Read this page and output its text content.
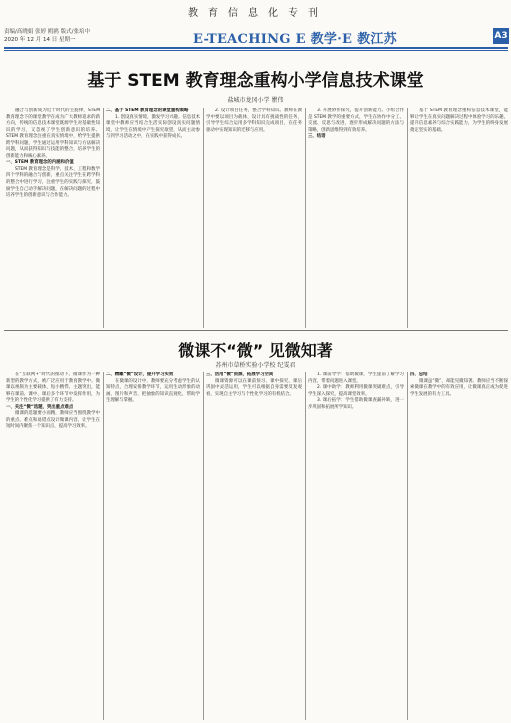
教育信息化专刊
责编/高晓娟 张婷 鸥鸥 版式/张培中
2020 年 12 月 14 日 星期一	E-TEACHING E 教学·E 教江苏	A3
基于 STEM 教育理念重构小学信息技术课堂
盐城市龙冈小学 瞿伟

融合与创新成为近十时代的主旋律，STEM 教育理念下的课堂教学在成为广大教师追求的新方向，传统的信息技术课堂既源学生对基础性知识的学习，又忽视了学生创新意识的培养。STEM 教育理念注重在真实情境中，给学生提供跨学科问题，学生通过运用学科知识与方法解决问题，从而获得知识与技能的整合，培养学生的创新能力和核心素养。

一、STEM 教育理念的内涵和价值

STEM 教育理念是科学、技术、工程和数学四个学科的融合与创新，重点关注学生在跨学科的整合中进行学习，注重学生的实践与探究，鼓励学生自己动手解决问题，在解决问题的过程中培养学生的创新意识与合作能力。

二、基于 STEM 教育理念的课堂重构策略

1. 创设真实情境，激发学习兴趣。信息技术课堂中教师应当结合生活实际创设真实问题情境，让学生在情境中产生探究欲望，从而主动参与到学习活动之中，在实践中获得成长。

2. 设计项目任务，整合学科知识。教师在教学中要以项目为载体，设计具有挑战性的任务，引导学生综合运用多学科知识完成项目，在任务驱动中实现知识的迁移与应用。

3. 开展协作探究，提升创新能力。小组合作是 STEM 教学的重要方式，学生在协作中分工、交流、反思与改进，逐步形成解决问题的方法与策略，创新思维得到有效培养。

三、结语

基于 STEM 教育理念重构信息技术课堂，能够让学生在真实问题解决过程中体验学习的乐趣，提升信息素养与综合实践能力，为学生的终身发展奠定坚实的基础。

微课不“微” 见微知著
苏州市草桥实验小学校 纪雯君

在“互联网+”时代的推动下，微课作为一种新型的教学方式，被广泛应用于教育教学中。微课以视频为主要载体，短小精悍、主题突出，能够在课前、课中、课后多个环节中发挥作用，为学生的个性化学习提供了有力支持。

一、关注“微“选题，突出重点难点

微课的选题要小而精，教师应当围绕教学中的重点、难点和易错点设计微课内容，让学生在短时间内聚焦一个知识点，提高学习效率。

二、精雕“微“设计，提升学习实效

在微课的设计中，教师要充分考虑学生的认知特点，合理安排教学环节，运用生动形象的动画、图片和声音，把抽象的知识直观化，帮助学生理解与掌握。

三、活用“微“资源，拓展学习空间

微课资源可以在课前预习、课中探究、课后巩固中灵活运用，学生可以根据自身需要反复观看，实现自主学习与个性化学习的有机结合。

1. 课前导学：借助微课，学生提前了解学习内容，带着问题进入课堂。

2. 课中助学：教师利用微课突破难点，引导学生深入探究，提高课堂效率。

3. 课后拓学：学生借助微课查漏补缺，进一步巩固和拓展所学知识。

四、总结

微课虽“微”，却能见微知著。教师应当不断探索微课在教学中的有效应用，让微课真正成为促进学生发展的有力工具。
